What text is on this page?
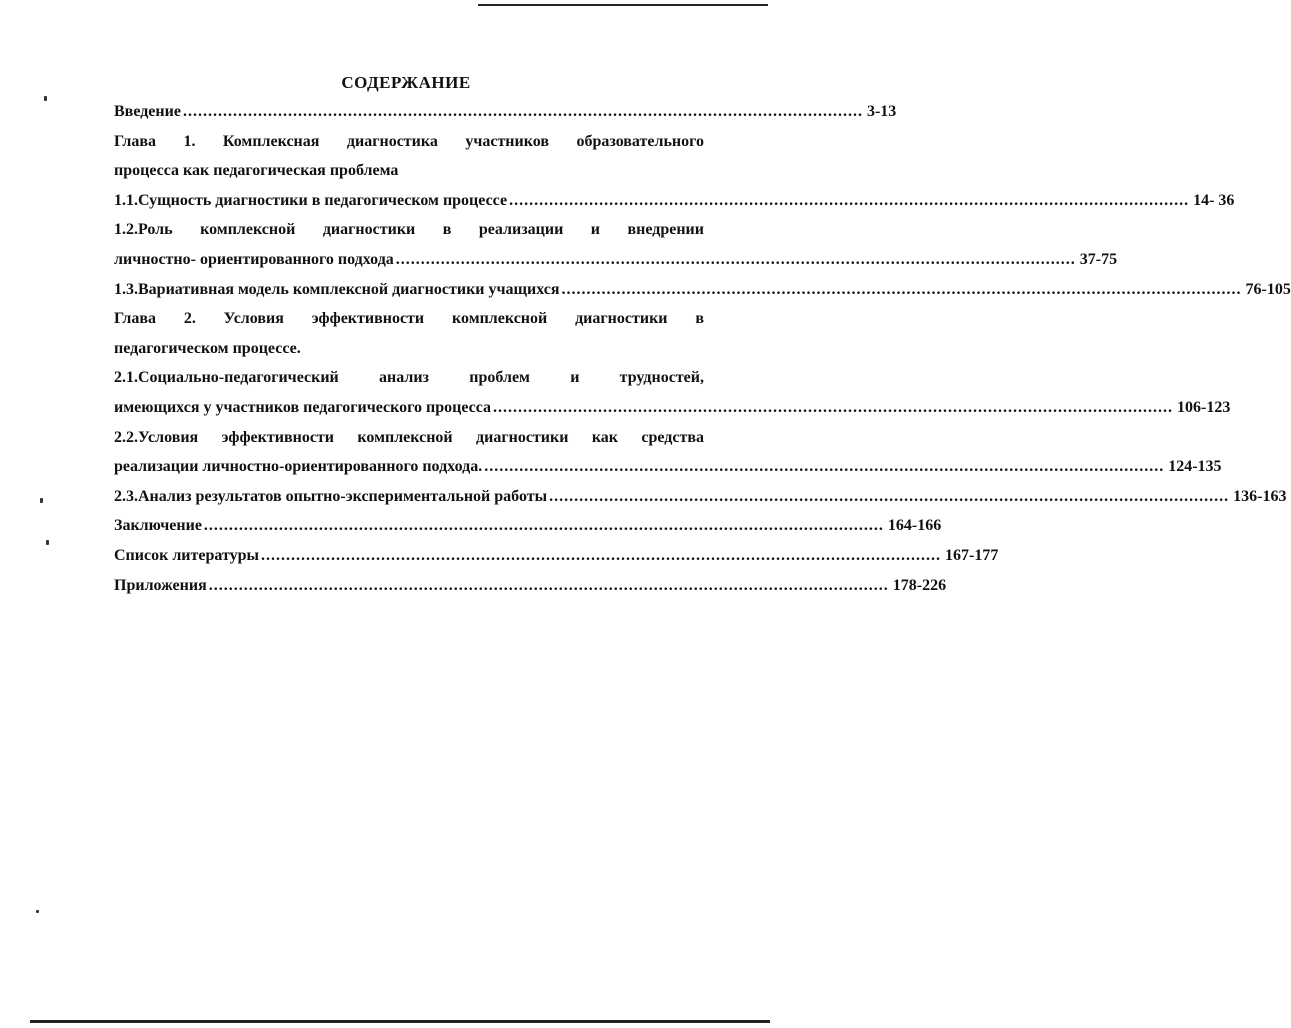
СОДЕРЖАНИЕ
Введение ........................................................................................................................................ 3-13
Глава 1. Комплексная диагностика участников образовательного
процесса как педагогическая проблема
1.1.Сущность диагностики в педагогическом процессе ........................................................................................................................................ 14- 36
1.2.Роль комплексной диагностики в реализации и внедрении
личностно- ориентированного подхода ........................................................................................................................................ 37-75
1.3.Вариативная модель комплексной диагностики учащихся ........................................................................................................................................ 76-105
Глава 2. Условия эффективности комплексной диагностики в
педагогическом процессе.
2.1.Социально-педагогический анализ проблем и трудностей,
имеющихся у участников педагогического процесса ........................................................................................................................................ 106-123
2.2.Условия эффективности комплексной диагностики как средства
реализации личностно-ориентированного подхода. ........................................................................................................................................ 124-135
2.3.Анализ результатов опытно-экспериментальной работы ........................................................................................................................................ 136-163
Заключение ........................................................................................................................................ 164-166
Список литературы ........................................................................................................................................ 167-177
Приложения ........................................................................................................................................ 178-226
